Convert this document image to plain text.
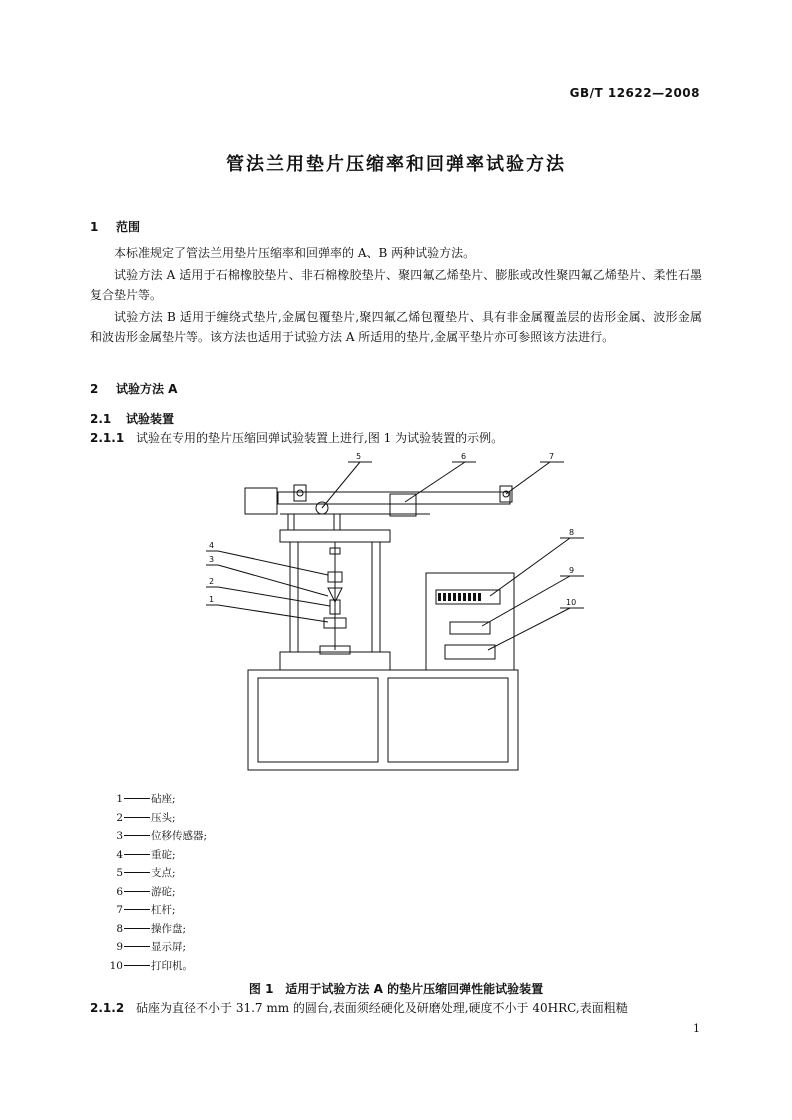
GB/T 12622—2008
管法兰用垫片压缩率和回弹率试验方法
1 范围
本标准规定了管法兰用垫片压缩率和回弹率的 A、B 两种试验方法。
试验方法 A 适用于石棉橡胶垫片、非石棉橡胶垫片、聚四氟乙烯垫片、膨胀或改性聚四氟乙烯垫片、柔性石墨复合垫片等。
试验方法 B 适用于缠绕式垫片,金属包覆垫片,聚四氟乙烯包覆垫片、具有非金属覆盖层的齿形金属、波形金属和波齿形金属垫片等。该方法也适用于试验方法 A 所适用的垫片,金属平垫片亦可参照该方法进行。
2 试验方法 A
2.1 试验装置
2.1.1 试验在专用的垫片压缩回弹试验装置上进行,图 1 为试验装置的示例。
1
2
3
4
5	6	7
8
9
10
1	砧座;
2	压头;
3	位移传感器;
4	重砣;
5	支点;
6	游砣;
7	杠杆;
8	操作盘;
9	显示屏;
10	打印机。
图 1　适用于试验方法 A 的垫片压缩回弹性能试验装置
2.1.2 砧座为直径不小于 31.7 mm 的圆台,表面须经硬化及研磨处理,硬度不小于 40HRC,表面粗糙
1
